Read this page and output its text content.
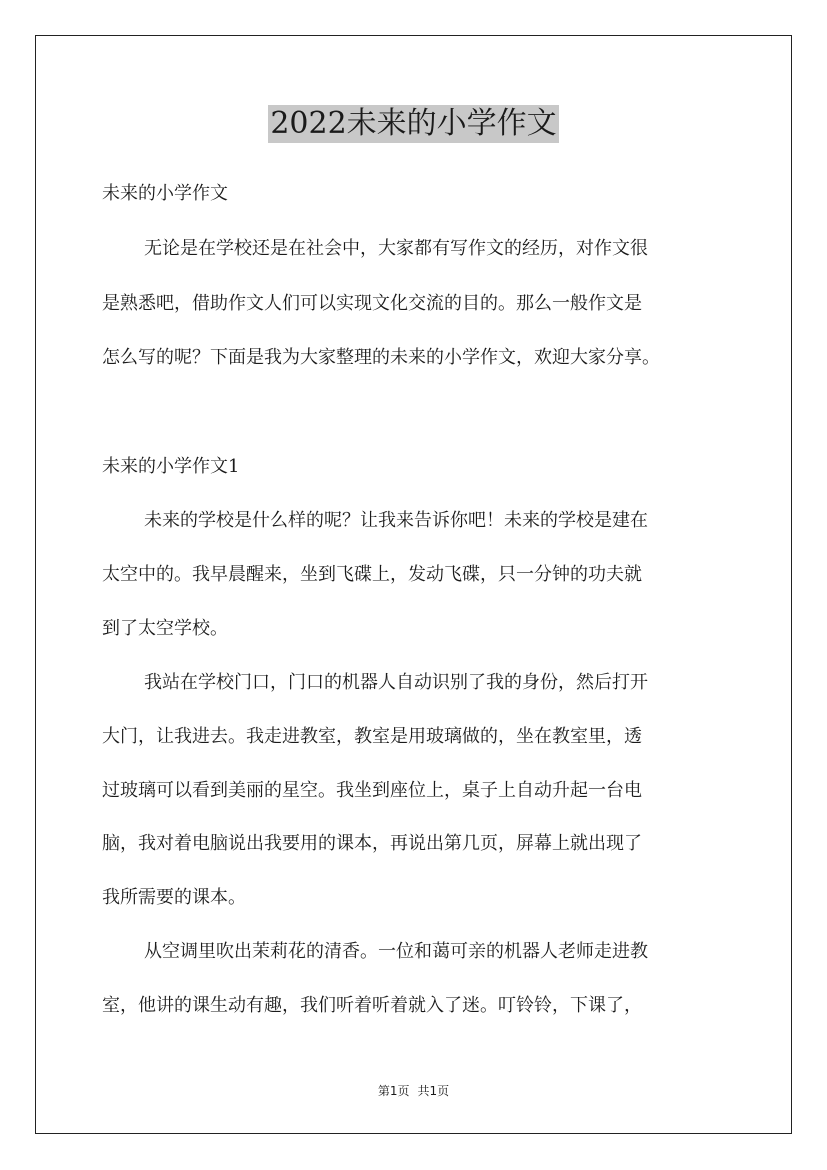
2022未来的小学作文

未来的小学作文

无论是在学校还是在社会中，大家都有写作文的经历，对作文很

是熟悉吧，借助作文人们可以实现文化交流的目的。那么一般作文是

怎么写的呢？下面是我为大家整理的未来的小学作文，欢迎大家分享。

未来的小学作文1

未来的学校是什么样的呢？让我来告诉你吧！未来的学校是建在

太空中的。我早晨醒来，坐到飞碟上，发动飞碟，只一分钟的功夫就

到了太空学校。

我站在学校门口，门口的机器人自动识别了我的身份，然后打开

大门，让我进去。我走进教室，教室是用玻璃做的，坐在教室里，透

过玻璃可以看到美丽的星空。我坐到座位上，桌子上自动升起一台电

脑，我对着电脑说出我要用的课本，再说出第几页，屏幕上就出现了

我所需要的课本。

从空调里吹出茉莉花的清香。一位和蔼可亲的机器人老师走进教

室，他讲的课生动有趣，我们听着听着就入了迷。叮铃铃，下课了，

第1页 共1页
